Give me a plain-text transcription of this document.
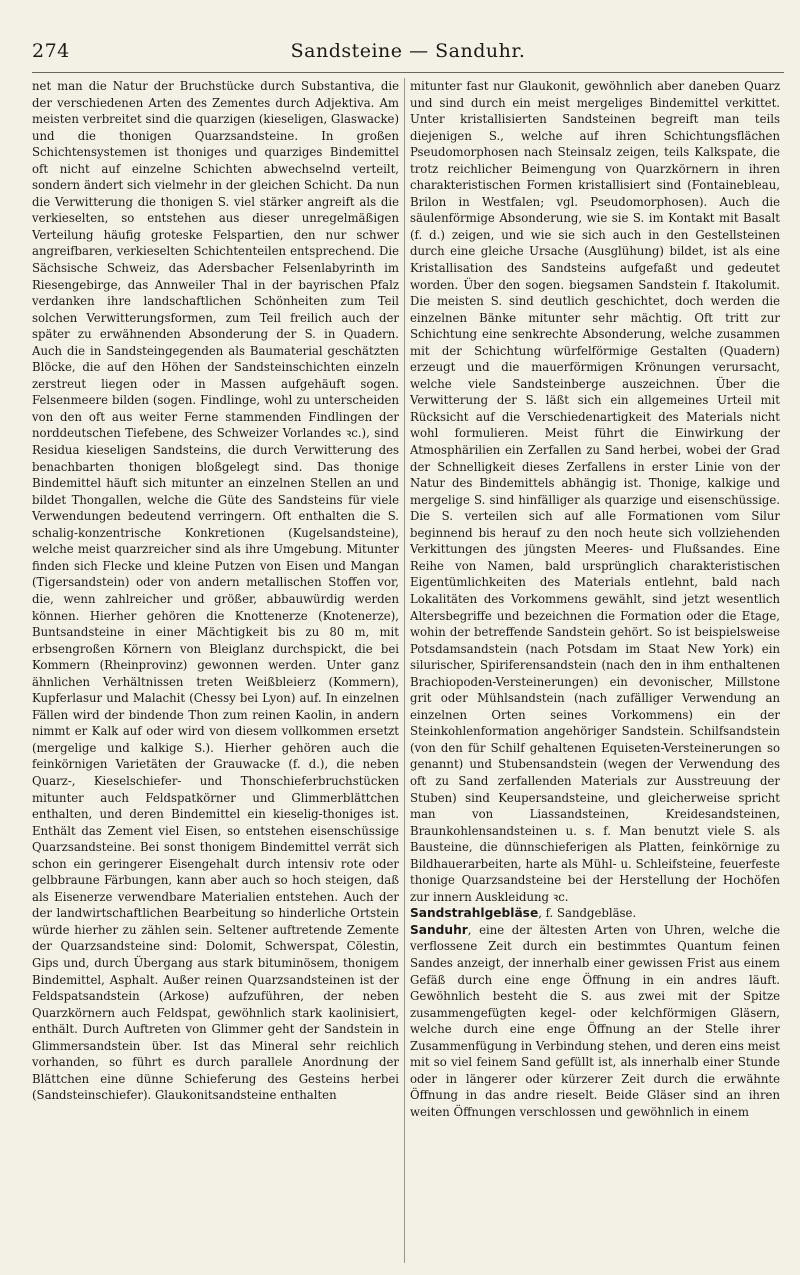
274	Sandsteine — Sanduhr.

net man die Natur der Bruchstücke durch Substantiva, die der verschiedenen Arten des Zementes durch Adjektiva. Am meisten verbreitet sind die quarzigen (kieseligen, Glaswacke) und die thonigen Quarzsandsteine. In großen Schichtensystemen ist thoniges und quarziges Bindemittel oft nicht auf einzelne Schichten abwechselnd verteilt, sondern ändert sich vielmehr in der gleichen Schicht. Da nun die Verwitterung die thonigen S. viel stärker angreift als die verkieselten, so entstehen aus dieser unregelmäßigen Verteilung häufig groteske Felspartien, den nur schwer angreifbaren, verkieselten Schichtenteilen entsprechend. Die Sächsische Schweiz, das Adersbacher Felsenlabyrinth im Riesengebirge, das Annweiler Thal in der bayrischen Pfalz verdanken ihre landschaftlichen Schönheiten zum Teil solchen Verwitterungsformen, zum Teil freilich auch der später zu erwähnenden Absonderung der S. in Quadern. Auch die in Sandsteingegenden als Baumaterial geschätzten Blöcke, die auf den Höhen der Sandsteinschichten einzeln zerstreut liegen oder in Massen aufgehäuft sogen. Felsenmeere bilden (sogen. Findlinge, wohl zu unterscheiden von den oft aus weiter Ferne stammenden Findlingen der norddeutschen Tiefebene, des Schweizer Vorlandes ꝛc.), sind Residua kieseligen Sandsteins, die durch Verwitterung des benachbarten thonigen bloßgelegt sind. Das thonige Bindemittel häuft sich mitunter an einzelnen Stellen an und bildet Thongallen, welche die Güte des Sandsteins für viele Verwendungen bedeutend verringern. Oft enthalten die S. schalig-konzentrische Konkretionen (Kugelsandsteine), welche meist quarzreicher sind als ihre Umgebung. Mitunter finden sich Flecke und kleine Putzen von Eisen und Mangan (Tigersandstein) oder von andern metallischen Stoffen vor, die, wenn zahlreicher und größer, abbauwürdig werden können. Hierher gehören die Knottenerze (Knotenerze), Buntsandsteine in einer Mächtigkeit bis zu 80 m, mit erbsengroßen Körnern von Bleiglanz durchspickt, die bei Kommern (Rheinprovinz) gewonnen werden. Unter ganz ähnlichen Verhältnissen treten Weißbleierz (Kommern), Kupferlasur und Malachit (Chessy bei Lyon) auf. In einzelnen Fällen wird der bindende Thon zum reinen Kaolin, in andern nimmt er Kalk auf oder wird von diesem vollkommen ersetzt (mergelige und kalkige S.). Hierher gehören auch die feinkörnigen Varietäten der Grauwacke (f. d.), die neben Quarz-, Kieselschiefer- und Thonschieferbruchstücken mitunter auch Feldspatkörner und Glimmerblättchen enthalten, und deren Bindemittel ein kieselig-thoniges ist. Enthält das Zement viel Eisen, so entstehen eisenschüssige Quarzsandsteine. Bei sonst thonigem Bindemittel verrät sich schon ein geringerer Eisengehalt durch intensiv rote oder gelbbraune Färbungen, kann aber auch so hoch steigen, daß als Eisenerze verwendbare Materialien entstehen. Auch der der landwirtschaftlichen Bearbeitung so hinderliche Ortstein würde hierher zu zählen sein. Seltener auftretende Zemente der Quarzsandsteine sind: Dolomit, Schwerspat, Cölestin, Gips und, durch Übergang aus stark bituminösem, thonigem Bindemittel, Asphalt. Außer reinen Quarzsandsteinen ist der Feldspatsandstein (Arkose) aufzuführen, der neben Quarzkörnern auch Feldspat, gewöhnlich stark kaolinisiert, enthält. Durch Auftreten von Glimmer geht der Sandstein in Glimmersandstein über. Ist das Mineral sehr reichlich vorhanden, so führt es durch parallele Anordnung der Blättchen eine dünne Schieferung des Gesteins herbei (Sandsteinschiefer). Glaukonitsandsteine enthalten

mitunter fast nur Glaukonit, gewöhnlich aber daneben Quarz und sind durch ein meist mergeliges Bindemittel verkittet. Unter kristallisierten Sandsteinen begreift man teils diejenigen S., welche auf ihren Schichtungsflächen Pseudomorphosen nach Steinsalz zeigen, teils Kalkspate, die trotz reichlicher Beimengung von Quarzkörnern in ihren charakteristischen Formen kristallisiert sind (Fontainebleau, Brilon in Westfalen; vgl. Pseudomorphosen). Auch die säulenförmige Absonderung, wie sie S. im Kontakt mit Basalt (f. d.) zeigen, und wie sie sich auch in den Gestellsteinen durch eine gleiche Ursache (Ausglühung) bildet, ist als eine Kristallisation des Sandsteins aufgefaßt und gedeutet worden. Über den sogen. biegsamen Sandstein f. Itakolumit. Die meisten S. sind deutlich geschichtet, doch werden die einzelnen Bänke mitunter sehr mächtig. Oft tritt zur Schichtung eine senkrechte Absonderung, welche zusammen mit der Schichtung würfelförmige Gestalten (Quadern) erzeugt und die mauerförmigen Krönungen verursacht, welche viele Sandsteinberge auszeichnen. Über die Verwitterung der S. läßt sich ein allgemeines Urteil mit Rücksicht auf die Verschiedenartigkeit des Materials nicht wohl formulieren. Meist führt die Einwirkung der Atmosphärilien ein Zerfallen zu Sand herbei, wobei der Grad der Schnelligkeit dieses Zerfallens in erster Linie von der Natur des Bindemittels abhängig ist. Thonige, kalkige und mergelige S. sind hinfälliger als quarzige und eisenschüssige. Die S. verteilen sich auf alle Formationen vom Silur beginnend bis herauf zu den noch heute sich vollziehenden Verkittungen des jüngsten Meeres- und Flußsandes. Eine Reihe von Namen, bald ursprünglich charakteristischen Eigentümlichkeiten des Materials entlehnt, bald nach Lokalitäten des Vorkommens gewählt, sind jetzt wesentlich Altersbegriffe und bezeichnen die Formation oder die Etage, wohin der betreffende Sandstein gehört. So ist beispielsweise Potsdamsandstein (nach Potsdam im Staat New York) ein silurischer, Spiriferensandstein (nach den in ihm enthaltenen Brachiopoden-Versteinerungen) ein devonischer, Millstone grit oder Mühlsandstein (nach zufälliger Verwendung an einzelnen Orten seines Vorkommens) ein der Steinkohlenformation angehöriger Sandstein. Schilfsandstein (von den für Schilf gehaltenen Equiseten-Versteinerungen so genannt) und Stubensandstein (wegen der Verwendung des oft zu Sand zerfallenden Materials zur Ausstreuung der Stuben) sind Keupersandsteine, und gleicherweise spricht man von Liassandsteinen, Kreidesandsteinen, Braunkohlensandsteinen u. s. f. Man benutzt viele S. als Bausteine, die dünnschieferigen als Platten, feinkörnige zu Bildhauerarbeiten, harte als Mühl- u. Schleifsteine, feuerfeste thonige Quarzsandsteine bei der Herstellung der Hochöfen zur innern Auskleidung ꝛc.

Sandstrahlgebläse, f. Sandgebläse.

Sanduhr, eine der ältesten Arten von Uhren, welche die verflossene Zeit durch ein bestimmtes Quantum feinen Sandes anzeigt, der innerhalb einer gewissen Frist aus einem Gefäß durch eine enge Öffnung in ein andres läuft. Gewöhnlich besteht die S. aus zwei mit der Spitze zusammengefügten kegel- oder kelchförmigen Gläsern, welche durch eine enge Öffnung an der Stelle ihrer Zusammenfügung in Verbindung stehen, und deren eins meist mit so viel feinem Sand gefüllt ist, als innerhalb einer Stunde oder in längerer oder kürzerer Zeit durch die erwähnte Öffnung in das andre rieselt. Beide Gläser sind an ihren weiten Öffnungen verschlossen und gewöhnlich in einem
